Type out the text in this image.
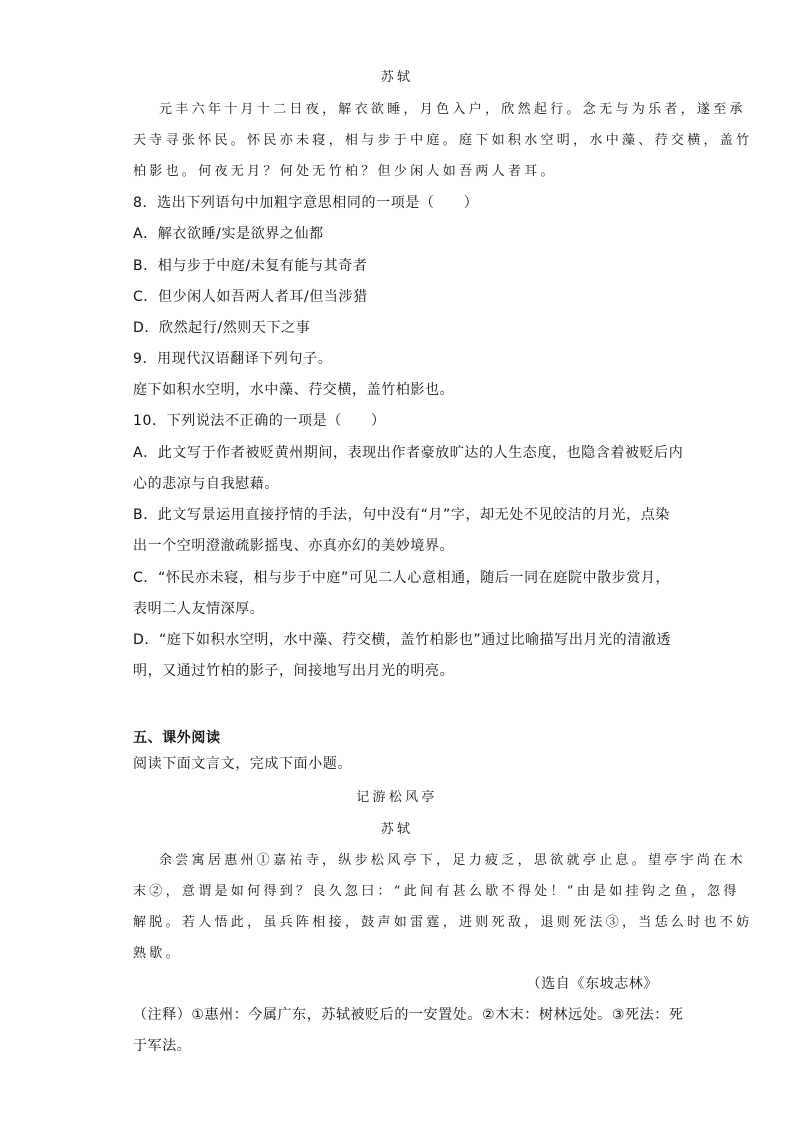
苏轼
元丰六年十月十二日夜，解衣欲睡，月色入户，欣然起行。念无与为乐者，遂至承
天寺寻张怀民。怀民亦未寝，相与步于中庭。庭下如积水空明，水中藻、荇交横，盖竹
柏影也。何夜无月？何处无竹柏？但少闲人如吾两人者耳。
8．选出下列语句中加粗字意思相同的一项是（　　）
A．解衣欲睡/实是欲界之仙都
B．相与步于中庭/未复有能与其奇者
C．但少闲人如吾两人者耳/但当涉猎
D．欣然起行/然则天下之事
9．用现代汉语翻译下列句子。
庭下如积水空明，水中藻、荇交横，盖竹柏影也。
10．下列说法不正确的一项是（　　）
A．此文写于作者被贬黄州期间，表现出作者豪放旷达的人生态度，也隐含着被贬后内
心的悲凉与自我慰藉。
B．此文写景运用直接抒情的手法，句中没有“月”字，却无处不见皎洁的月光，点染
出一个空明澄澈疏影摇曳、亦真亦幻的美妙境界。
C．“怀民亦未寝，相与步于中庭”可见二人心意相通，随后一同在庭院中散步赏月，
表明二人友情深厚。
D．“庭下如积水空明，水中藻、荇交横，盖竹柏影也”通过比喻描写出月光的清澈透
明，又通过竹柏的影子，间接地写出月光的明亮。
五、课外阅读
阅读下面文言文，完成下面小题。
记游松风亭
苏轼
余尝寓居惠州①嘉祐寺，纵步松风亭下，足力疲乏，思欲就亭止息。望亭宇尚在木
末②，意谓是如何得到？良久忽曰：“此间有甚么歇不得处！”由是如挂钩之鱼，忽得
解脱。若人悟此，虽兵阵相接，鼓声如雷霆，进则死敌，退则死法③，当恁么时也不妨
熟歇。
（选自《东坡志林》
（注释）①惠州：今属广东，苏轼被贬后的一安置处。②木末：树林远处。③死法：死
于军法。
